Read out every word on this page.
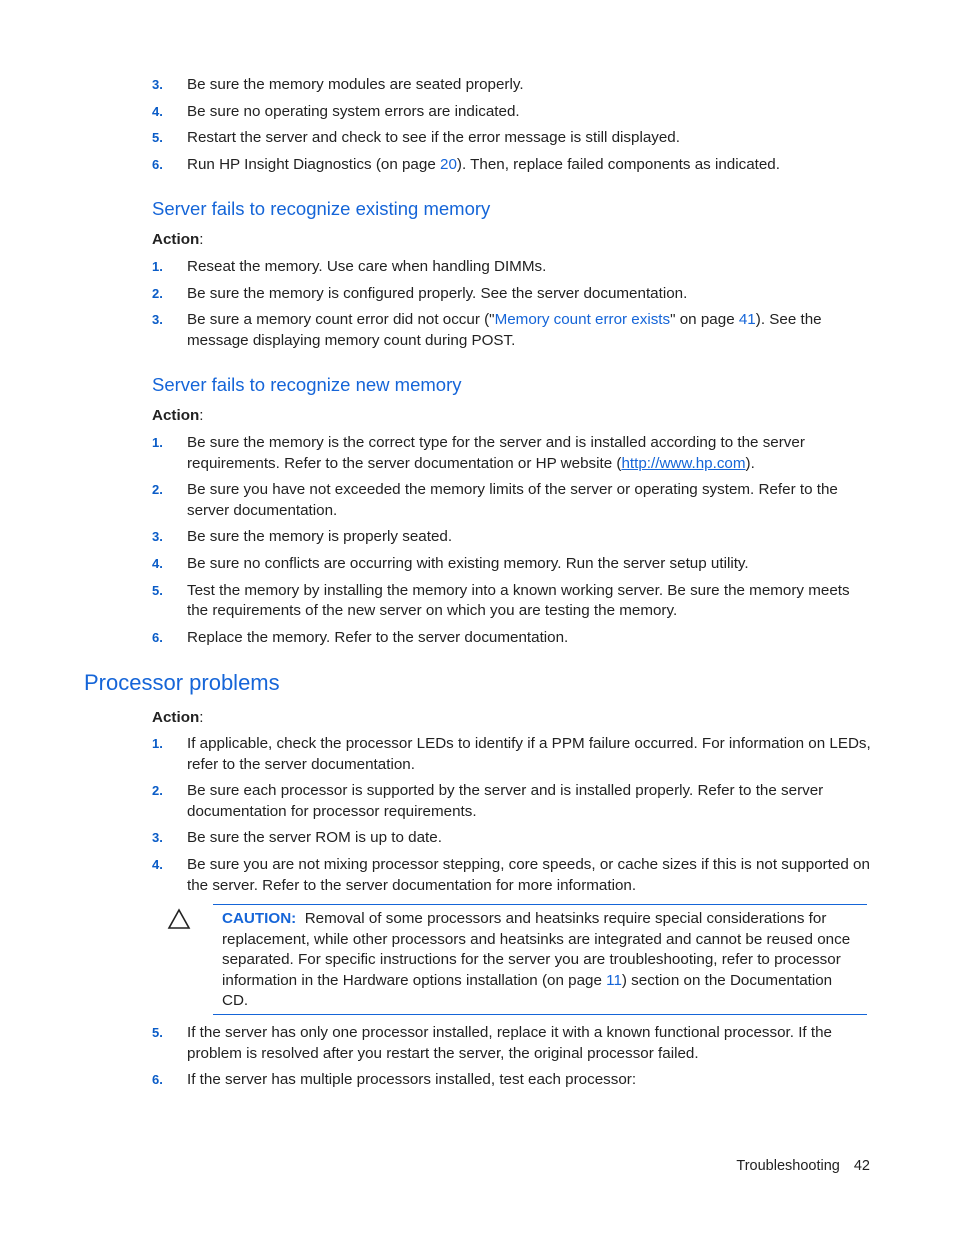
3. Be sure the memory modules are seated properly.
4. Be sure no operating system errors are indicated.
5. Restart the server and check to see if the error message is still displayed.
6. Run HP Insight Diagnostics (on page 20). Then, replace failed components as indicated.
Server fails to recognize existing memory
Action:
1. Reseat the memory. Use care when handling DIMMs.
2. Be sure the memory is configured properly. See the server documentation.
3. Be sure a memory count error did not occur ("Memory count error exists" on page 41). See the message displaying memory count during POST.
Server fails to recognize new memory
Action:
1. Be sure the memory is the correct type for the server and is installed according to the server requirements. Refer to the server documentation or HP website (http://www.hp.com).
2. Be sure you have not exceeded the memory limits of the server or operating system. Refer to the server documentation.
3. Be sure the memory is properly seated.
4. Be sure no conflicts are occurring with existing memory. Run the server setup utility.
5. Test the memory by installing the memory into a known working server. Be sure the memory meets the requirements of the new server on which you are testing the memory.
6. Replace the memory. Refer to the server documentation.
Processor problems
Action:
1. If applicable, check the processor LEDs to identify if a PPM failure occurred. For information on LEDs, refer to the server documentation.
2. Be sure each processor is supported by the server and is installed properly. Refer to the server documentation for processor requirements.
3. Be sure the server ROM is up to date.
4. Be sure you are not mixing processor stepping, core speeds, or cache sizes if this is not supported on the server. Refer to the server documentation for more information.
CAUTION: Removal of some processors and heatsinks require special considerations for replacement, while other processors and heatsinks are integrated and cannot be reused once separated. For specific instructions for the server you are troubleshooting, refer to processor information in the Hardware options installation (on page 11) section on the Documentation CD.
5. If the server has only one processor installed, replace it with a known functional processor. If the problem is resolved after you restart the server, the original processor failed.
6. If the server has multiple processors installed, test each processor:
Troubleshooting 42
